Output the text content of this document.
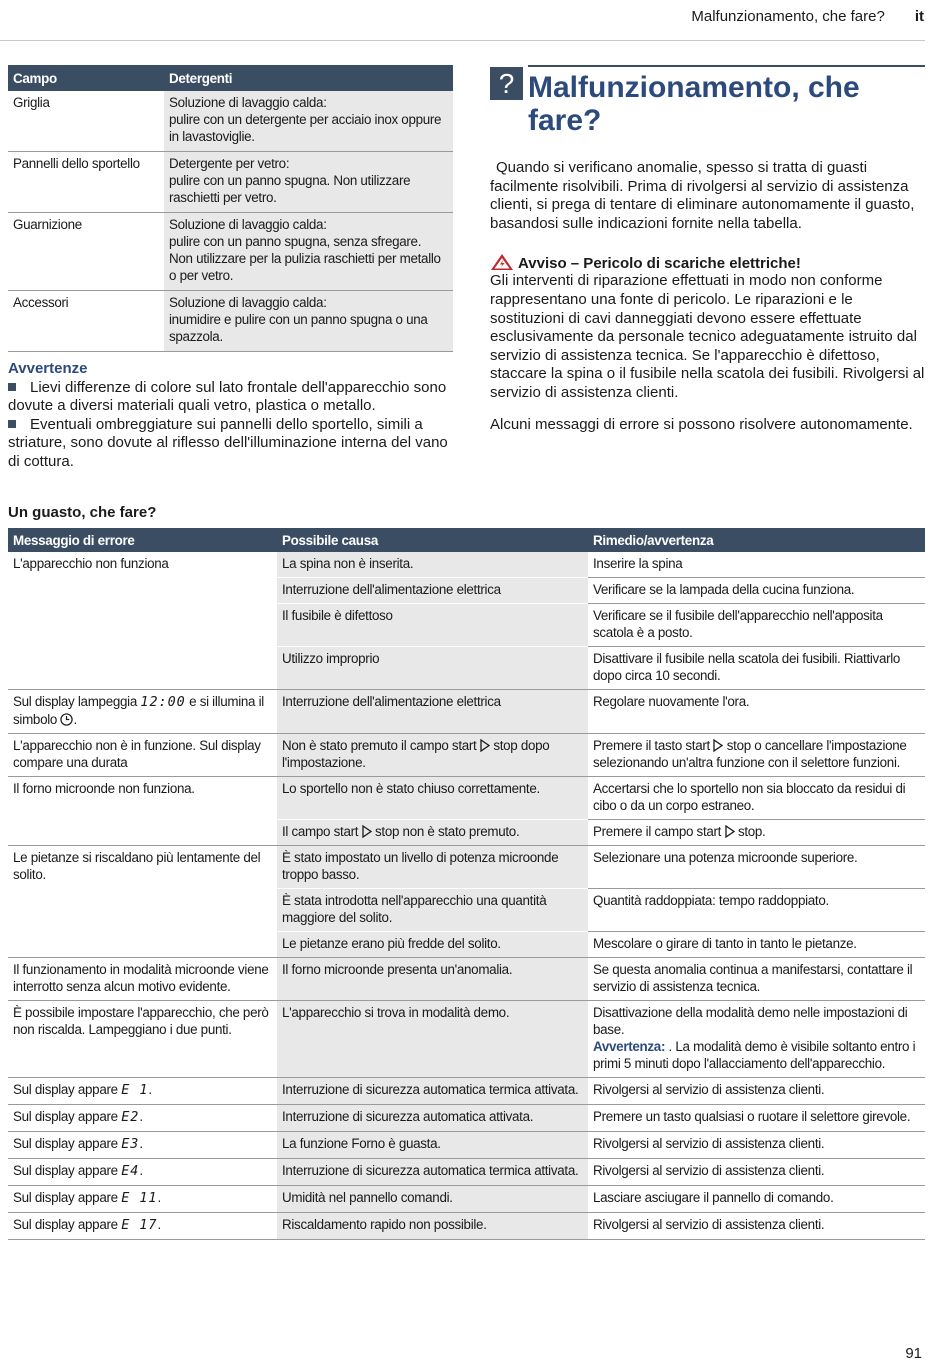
Malfunzionamento, che fare? it
Campo	Detergenti
Griglia	Soluzione di lavaggio calda:
pulire con un detergente per acciaio inox oppure in lavastoviglie.
Pannelli dello sportello	Detergente per vetro:
pulire con un panno spugna. Non utilizzare raschietti per vetro.
Guarnizione	Soluzione di lavaggio calda:
pulire con un panno spugna, senza sfregare. Non utilizzare per la pulizia raschietti per metallo o per vetro.
Accessori	Soluzione di lavaggio calda:
inumidire e pulire con un panno spugna o una spazzola.
Avvertenze
Lievi differenze di colore sul lato frontale dell'apparecchio sono dovute a diversi materiali quali vetro, plastica o metallo.
Eventuali ombreggiature sui pannelli dello sportello, simili a striature, sono dovute al riflesso dell'illuminazione interna del vano di cottura.
? Malfunzionamento, che fare?

Quando si verificano anomalie, spesso si tratta di guasti facilmente risolvibili. Prima di rivolgersi al servizio di assistenza clienti, si prega di tentare di eliminare autonomamente il guasto, basandosi sulle indicazioni fornite nella tabella.

Avviso – Pericolo di scariche elettriche!

Gli interventi di riparazione effettuati in modo non conforme rappresentano una fonte di pericolo. Le riparazioni e le sostituzioni di cavi danneggiati devono essere effettuate esclusivamente da personale tecnico adeguatamente istruito dal servizio di assistenza tecnica. Se l'apparecchio è difettoso, staccare la spina o il fusibile nella scatola dei fusibili. Rivolgersi al servizio di assistenza clienti.

Alcuni messaggi di errore si possono risolvere autonomamente.

Un guasto, che fare?
Messaggio di errore	Possibile causa	Rimedio/avvertenza
L'apparecchio non funziona	La spina non è inserita.	Inserire la spina
	Interruzione dell'alimentazione elettrica	Verificare se la lampada della cucina funziona.
	Il fusibile è difettoso	Verificare se il fusibile dell'apparecchio nell'apposita scatola è a posto.
	Utilizzo improprio	Disattivare il fusibile nella scatola dei fusibili. Riattivarlo dopo circa 10 secondi.
Sul display lampeggia 12:00 e si illumina il simbolo .	Interruzione dell'alimentazione elettrica	Regolare nuovamente l'ora.
L'apparecchio non è in funzione. Sul display compare una durata	Non è stato premuto il campo start stop dopo l'impostazione.	Premere il tasto start stop o cancellare l'impostazione selezionando un'altra funzione con il selettore funzioni.
Il forno microonde non funziona.	Lo sportello non è stato chiuso correttamente.	Accertarsi che lo sportello non sia bloccato da residui di cibo o da un corpo estraneo.
	Il campo start stop non è stato premuto.	Premere il campo start stop.
Le pietanze si riscaldano più lentamente del solito.	È stato impostato un livello di potenza microonde troppo basso.	Selezionare una potenza microonde superiore.
	È stata introdotta nell'apparecchio una quantità maggiore del solito.	Quantità raddoppiata: tempo raddoppiato.
	Le pietanze erano più fredde del solito.	Mescolare o girare di tanto in tanto le pietanze.
Il funzionamento in modalità microonde viene interrotto senza alcun motivo evidente.	Il forno microonde presenta un'anomalia.	Se questa anomalia continua a manifestarsi, contattare il servizio di assistenza tecnica.
È possibile impostare l'apparecchio, che però non riscalda. Lampeggiano i due punti.	L'apparecchio si trova in modalità demo.	Disattivazione della modalità demo nelle impostazioni di base.
Avvertenza: . La modalità demo è visibile soltanto entro i primi 5 minuti dopo l'allacciamento dell'apparecchio.
Sul display appare E 1.	Interruzione di sicurezza automatica termica attivata.	Rivolgersi al servizio di assistenza clienti.
Sul display appare E2.	Interruzione di sicurezza automatica attivata.	Premere un tasto qualsiasi o ruotare il selettore girevole.
Sul display appare E3.	La funzione Forno è guasta.	Rivolgersi al servizio di assistenza clienti.
Sul display appare E4.	Interruzione di sicurezza automatica termica attivata.	Rivolgersi al servizio di assistenza clienti.
Sul display appare E 11.	Umidità nel pannello comandi.	Lasciare asciugare il pannello di comando.
Sul display appare E 17.	Riscaldamento rapido non possibile.	Rivolgersi al servizio di assistenza clienti.
91
